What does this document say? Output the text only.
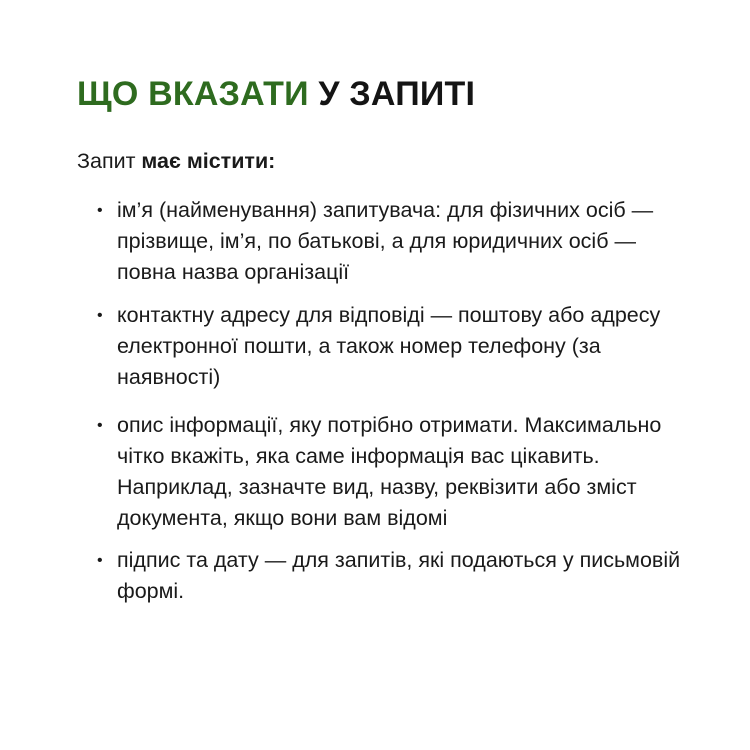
ЩО ВКАЗАТИ У ЗАПИТІ

Запит має містити:

• ім’я (найменування) запитувача: для фізичних осіб — прізвище, ім’я, по батькові, а для юридичних осіб — повна назва організації
• контактну адресу для відповіді — поштову або адресу електронної пошти, а також номер телефону (за наявності)
• опис інформації, яку потрібно отримати. Максимально чітко вкажіть, яка саме інформація вас цікавить. Наприклад, зазначте вид, назву, реквізити або зміст документа, якщо вони вам відомі
• підпис та дату — для запитів, які подаються у письмовій формі.
